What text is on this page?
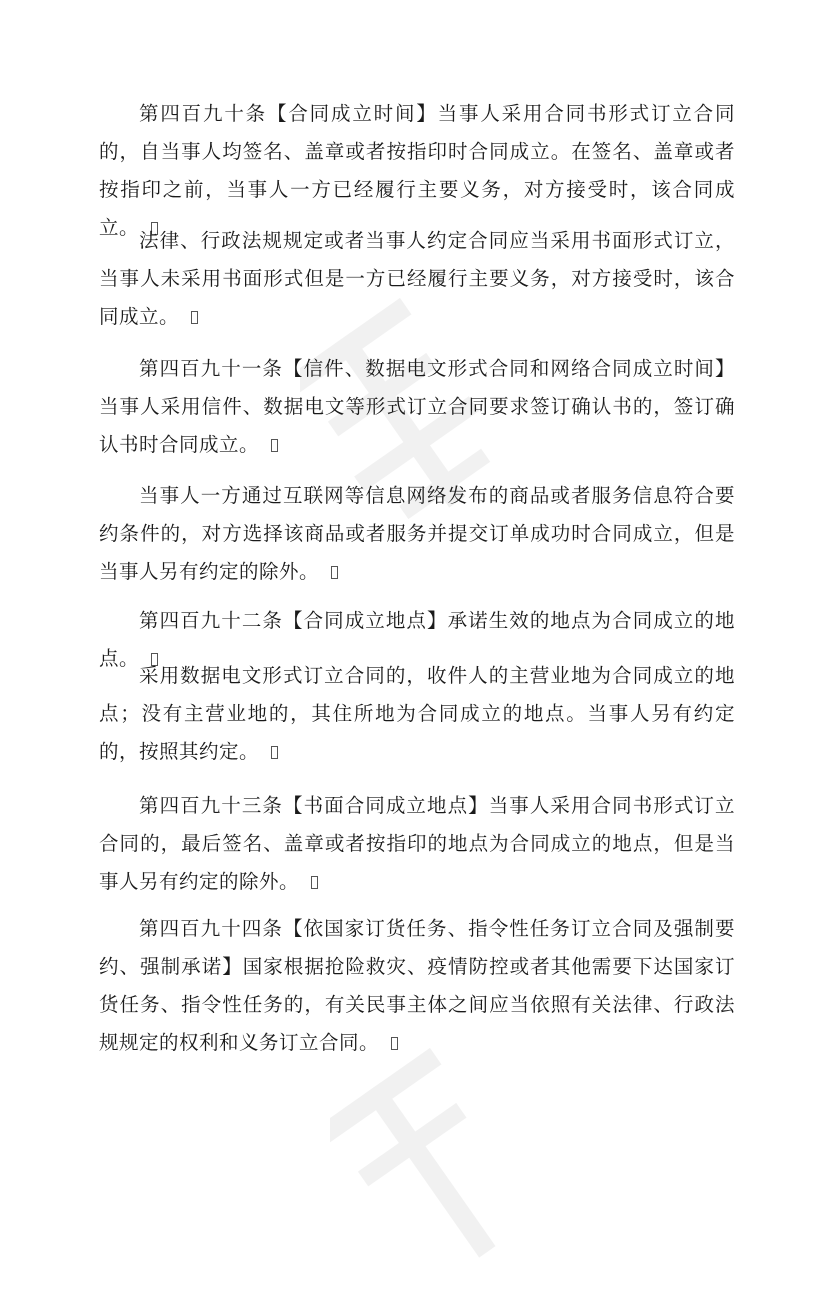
第四百九十条【合同成立时间】当事人采用合同书形式订立合同的，自当事人均签名、盖章或者按指印时合同成立。在签名、盖章或者按指印之前，当事人一方已经履行主要义务，对方接受时，该合同成立。

法律、行政法规规定或者当事人约定合同应当采用书面形式订立，当事人未采用书面形式但是一方已经履行主要义务，对方接受时，该合同成立。

第四百九十一条【信件、数据电文形式合同和网络合同成立时间】当事人采用信件、数据电文等形式订立合同要求签订确认书的，签订确认书时合同成立。

当事人一方通过互联网等信息网络发布的商品或者服务信息符合要约条件的，对方选择该商品或者服务并提交订单成功时合同成立，但是当事人另有约定的除外。

第四百九十二条【合同成立地点】承诺生效的地点为合同成立的地点。

采用数据电文形式订立合同的，收件人的主营业地为合同成立的地点；没有主营业地的，其住所地为合同成立的地点。当事人另有约定的，按照其约定。

第四百九十三条【书面合同成立地点】当事人采用合同书形式订立合同的，最后签名、盖章或者按指印的地点为合同成立的地点，但是当事人另有约定的除外。

第四百九十四条【依国家订货任务、指令性任务订立合同及强制要约、强制承诺】国家根据抢险救灾、疫情防控或者其他需要下达国家订货任务、指令性任务的，有关民事主体之间应当依照有关法律、行政法规规定的权利和义务订立合同。
